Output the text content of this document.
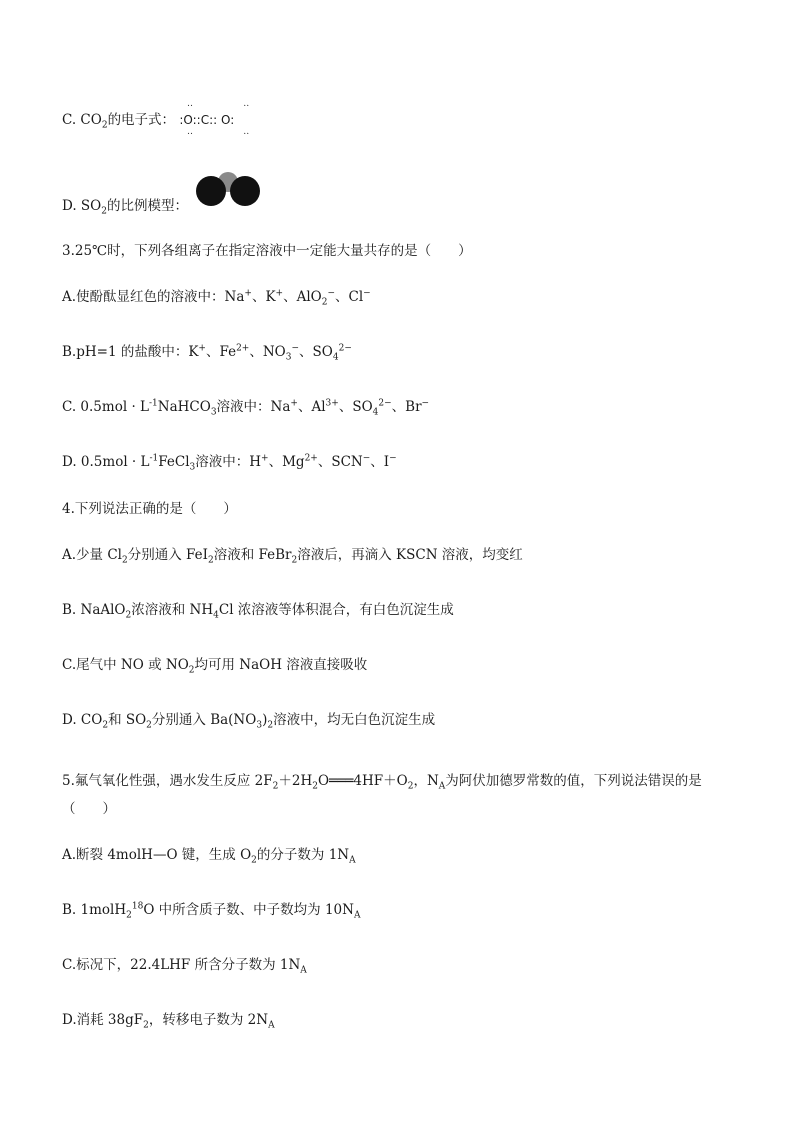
C. $CO_2$的电子式： :O::C:: O:
‥     ‥
‥     ‥
D. $SO_2$的比例模型：
3.25℃时，下列各组离子在指定溶液中一定能大量共存的是（　　）
A.使酚酞显红色的溶液中：Na+、K+、AlO$_2$−、Cl−
B.pH=1 的盐酸中：K+、$Fe^{2+}$、$NO_3^-$、$SO_4^{2-}$
C. $0.5mol \cdot L^{-1}NaHCO_3$溶液中：Na+、$Al^{3+}$、$SO_4^{2-}$、Br−
D. $0.5mol \cdot L^{-1}FeCl_3$溶液中：H+、$Mg^{2+}$、SCN−、I−
4.下列说法正确的是（　　）
A.少量 $Cl_2$分别通入 FeI$_2$溶液和 FeBr$_2$溶液后，再滴入 KSCN 溶液，均变红
B. NaAlO$_2$浓溶液和 $NH_4Cl$ 浓溶液等体积混合，有白色沉淀生成
C.尾气中 NO 或 $NO_2$均可用 NaOH 溶液直接吸收
D. $CO_2$和 $SO_2$分别通入 $Ba(NO_3)_2$溶液中，均无白色沉淀生成
5.氟气氧化性强，遇水发生反应 $2F_2+2H_2O═══4HF+O_2$，$N_A$为阿伏加德罗常数的值，下列说法错误的是
（　　）
A.断裂 4molH—O 键，生成 $O_2$的分子数为 $1N_A$
B. 1molH$_2^{18}$O 中所含质子数、中子数均为 $10N_A$
C.标况下，22.4LHF 所含分子数为 $1N_A$
D.消耗 $38gF_2$，转移电子数为 $2N_A$
